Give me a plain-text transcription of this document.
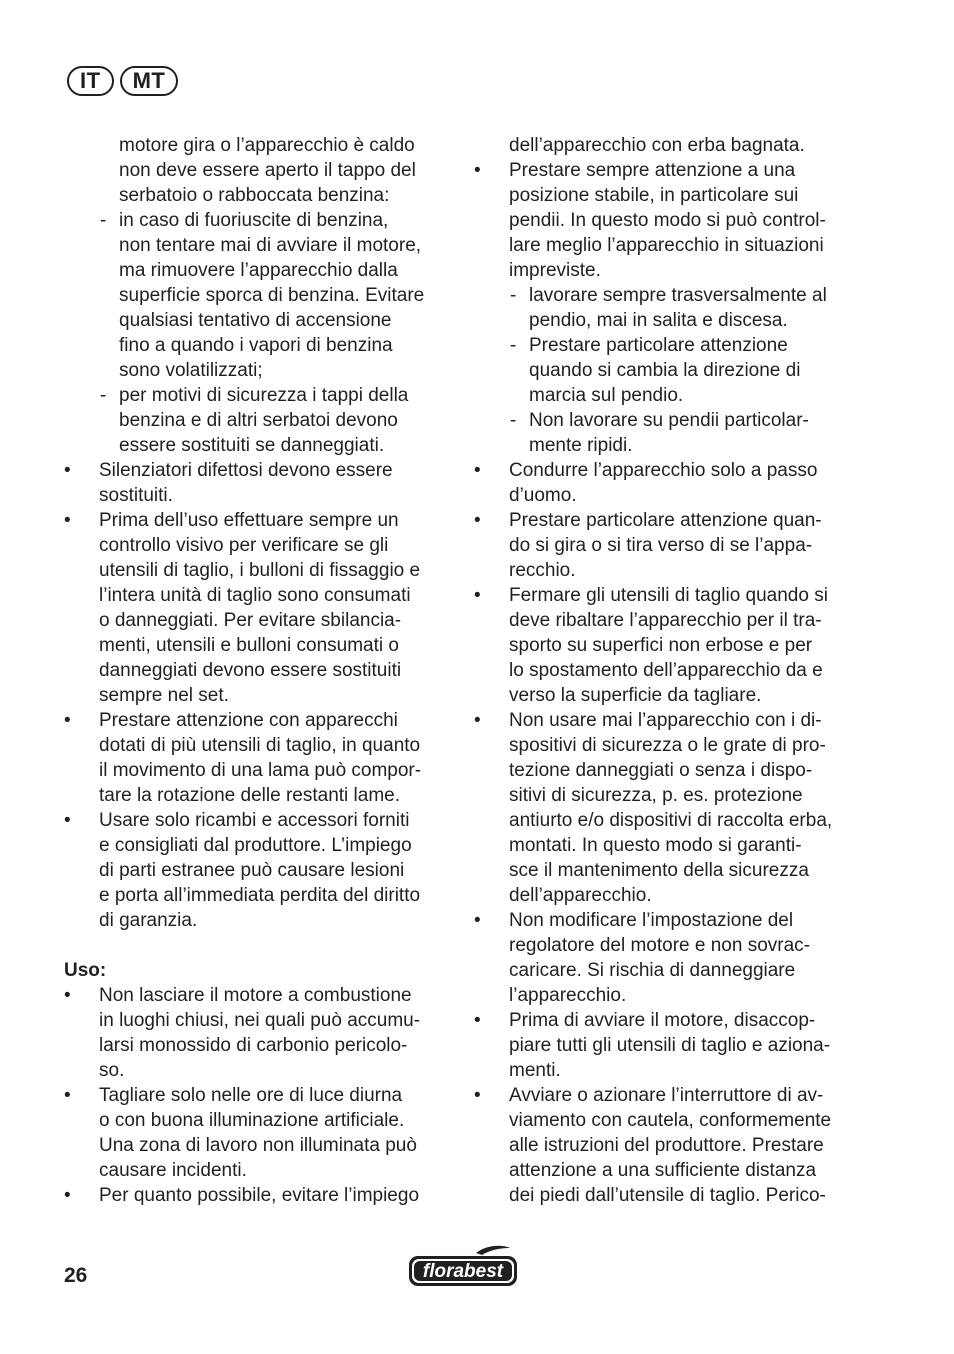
IT	MT
motore gira o l’apparecchio è caldo
non deve essere aperto il tappo del
serbatoio o rabboccata benzina:
- in caso di fuoriuscite di benzina,
non tentare mai di avviare il motore,
ma rimuovere l’apparecchio dalla
superficie sporca di benzina. Evitare
qualsiasi tentativo di accensione
fino a quando i vapori di benzina
sono volatilizzati;
- per motivi di sicurezza i tappi della
benzina e di altri serbatoi devono
essere sostituiti se danneggiati.
• Silenziatori difettosi devono essere
sostituiti.
• Prima dell’uso effettuare sempre un
controllo visivo per verificare se gli
utensili di taglio, i bulloni di fissaggio e
l’intera unità di taglio sono consumati
o danneggiati. Per evitare sbilancia-
menti, utensili e bulloni consumati o
danneggiati devono essere sostituiti
sempre nel set.
• Prestare attenzione con apparecchi
dotati di più utensili di taglio, in quanto
il movimento di una lama può compor-
tare la rotazione delle restanti lame.
• Usare solo ricambi e accessori forniti
e consigliati dal produttore. L’impiego
di parti estranee può causare lesioni
e porta all’immediata perdita del diritto
di garanzia.
Uso:
• Non lasciare il motore a combustione
in luoghi chiusi, nei quali può accumu-
larsi monossido di carbonio pericolo-
so.
• Tagliare solo nelle ore di luce diurna
o con buona illuminazione artificiale.
Una zona di lavoro non illuminata può
causare incidenti.
• Per quanto possibile, evitare l’impiego
dell’apparecchio con erba bagnata.
• Prestare sempre attenzione a una
posizione stabile, in particolare sui
pendii. In questo modo si può control-
lare meglio l’apparecchio in situazioni
impreviste.
- lavorare sempre trasversalmente al
pendio, mai in salita e discesa.
- Prestare particolare attenzione
quando si cambia la direzione di
marcia sul pendio.
- Non lavorare su pendii particolar-
mente ripidi.
• Condurre l’apparecchio solo a passo
d’uomo.
• Prestare particolare attenzione quan-
do si gira o si tira verso di se l’appa-
recchio.
• Fermare gli utensili di taglio quando si
deve ribaltare l’apparecchio per il tra-
sporto su superfici non erbose e per
lo spostamento dell’apparecchio da e
verso la superficie da tagliare.
• Non usare mai l’apparecchio con i di-
spositivi di sicurezza o le grate di pro-
tezione danneggiati o senza i dispo-
sitivi di sicurezza, p. es. protezione
antiurto e/o dispositivi di raccolta erba,
montati. In questo modo si garanti-
sce il mantenimento della sicurezza
dell’apparecchio.
• Non modificare l’impostazione del
regolatore del motore e non sovrac-
caricare. Si rischia di danneggiare
l’apparecchio.
• Prima di avviare il motore, disaccop-
piare tutti gli utensili di taglio e aziona-
menti.
• Avviare o azionare l’interruttore di av-
viamento con cautela, conformemente
alle istruzioni del produttore. Prestare
attenzione a una sufficiente distanza
dei piedi dall’utensile di taglio. Perico-
26	florabest
